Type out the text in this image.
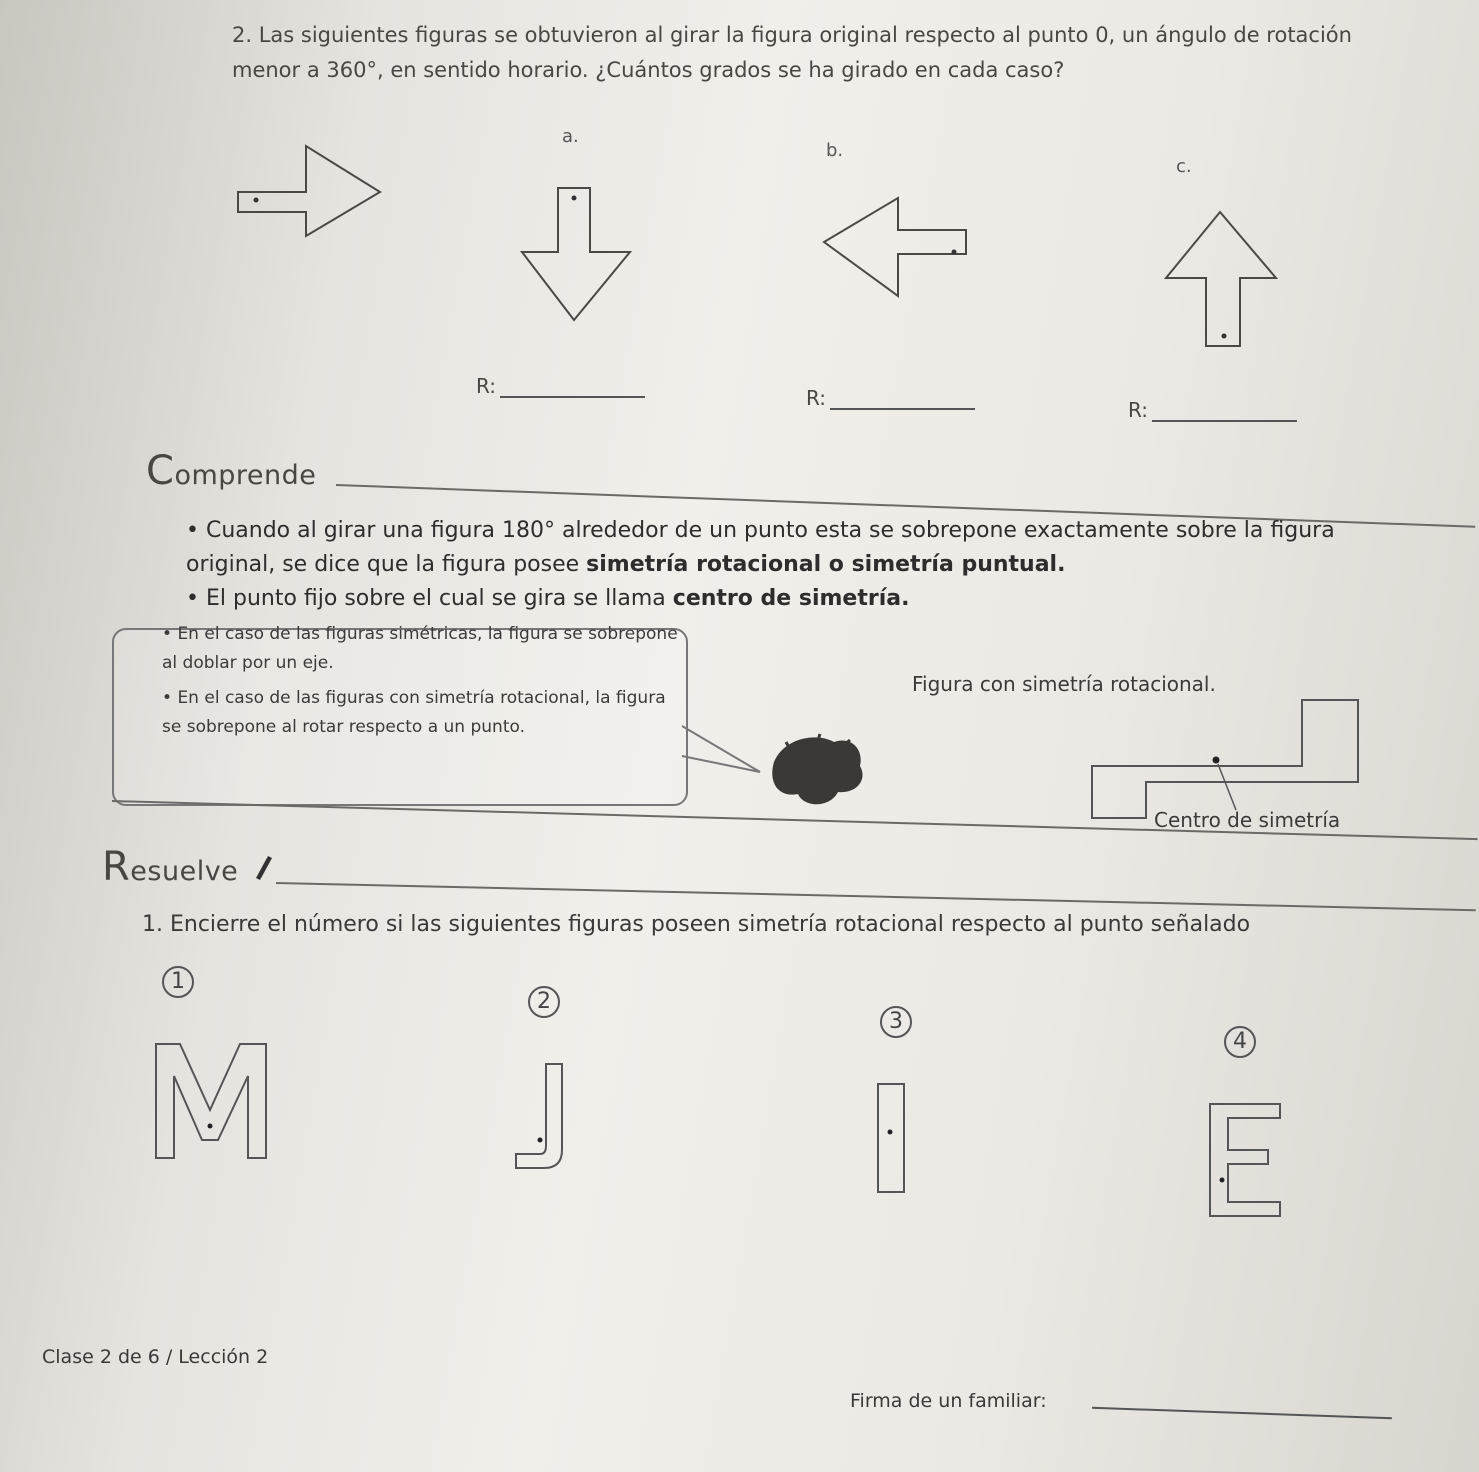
2. Las siguientes figuras se obtuvieron al girar la figura original respecto al punto 0, un ángulo de rotación menor a 360°, en sentido horario. ¿Cuántos grados se ha girado en cada caso?
a.
b.
c.
R:	R:	R:
Comprende
• Cuando al girar una figura 180° alrededor de un punto esta se sobrepone exactamente sobre la figura original, se dice que la figura posee simetría rotacional o simetría puntual.
• El punto fijo sobre el cual se gira se llama centro de simetría.
• En el caso de las figuras simétricas, la figura se sobrepone al doblar por un eje.
• En el caso de las figuras con simetría rotacional, la figura se sobrepone al rotar respecto a un punto.
Figura con simetría rotacional.
Centro de simetría
Resuelve
1. Encierre el número si las siguientes figuras poseen simetría rotacional respecto al punto señalado
1
2
3
4
Clase 2 de 6 / Lección 2
Firma de un familiar:
